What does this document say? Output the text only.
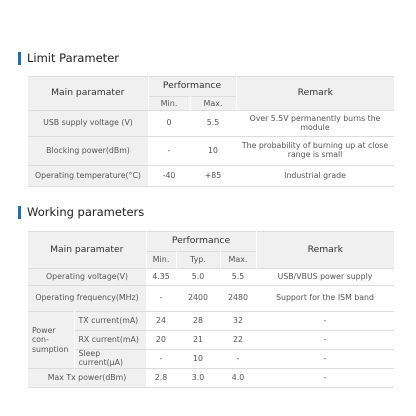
Limit Parameter
Main paramater	Performance		Remark
	Min.	Max.	
USB supply voltage (V)	0	5.5	Over 5.5V permanently burns the module
Blocking power(dBm)	-	10	The probability of burning up at close range is small
Operating temperature(°C)	-40	+85	Industrial grade
Working parameters
Main paramater		Performance			Remark
		Min.	Typ.	Max.	
Operating voltage(V)		4.35	5.0	5.5	USB/VBUS power supply
Operating frequency(MHz)		-	2400	2480	Support for the ISM band
Power con-sumption	TX current(mA)	24	28	32	-
	RX current(mA)	20	21	22	-
	Sleep current(μA)	-	10	-	-
Max Tx power(dBm)		2.8	3.0	4.0	-
